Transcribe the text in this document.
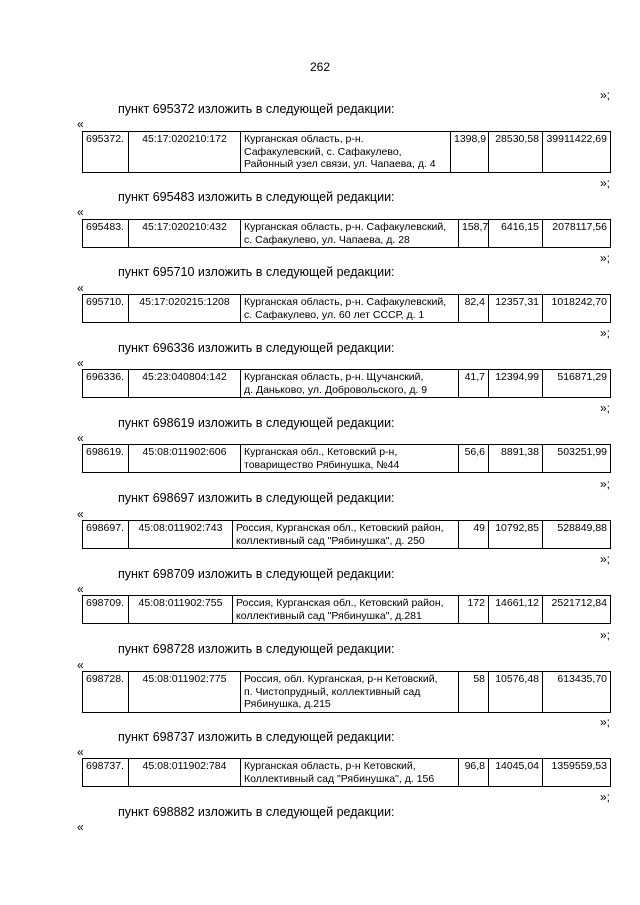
262
»;
пункт 695372 изложить в следующей редакции:
«
695372.	45:17:020210:172	Курганская область, р-н.
Сафакулевский, с. Сафакулево,
Районный узел связи, ул. Чапаева, д. 4
	1398,9	28530,58	39911422,69
»;
пункт 695483 изложить в следующей редакции:
«
695483.	45:17:020210:432	Курганская область, р-н. Сафакулевский,
с. Сафакулево, ул. Чапаева, д. 28
	158,7	6416,15	2078117,56
»;
пункт 695710 изложить в следующей редакции:
«
695710.	45:17:020215:1208	Курганская область, р-н. Сафакулевский,
с. Сафакулево, ул. 60 лет СССР, д. 1
	82,4	12357,31	1018242,70
»;
пункт 696336 изложить в следующей редакции:
«
696336.	45:23:040804:142	Курганская область, р-н. Щучанский,
д. Даньково, ул. Добровольского, д. 9
	41,7	12394,99	516871,29
»;
пункт 698619 изложить в следующей редакции:
«
698619.	45:08:011902:606	Курганская обл., Кетовский р-н,
товарищество Рябинушка, №44
	56,6	8891,38	503251,99
»;
пункт 698697 изложить в следующей редакции:
«
698697.	45:08:011902:743	Россия, Курганская обл., Кетовский район,
коллективный сад "Рябинушка", д. 250
	49	10792,85	528849,88
»;
пункт 698709 изложить в следующей редакции:
«
698709.	45:08:011902:755	Россия, Курганская обл., Кетовский район,
коллективный сад "Рябинушка", д.281
	172	14661,12	2521712,84
»;
пункт 698728 изложить в следующей редакции:
«
698728.	45:08:011902:775	Россия, обл. Курганская, р-н Кетовский,
п. Чистопрудный, коллективный сад
Рябинушка, д.215
	58	10576,48	613435,70
»;
пункт 698737 изложить в следующей редакции:
«
698737.	45:08:011902:784	Курганская область, р-н Кетовский,
Коллективный сад "Рябинушка", д. 156
	96,8	14045,04	1359559,53
»;
пункт 698882 изложить в следующей редакции:
«
